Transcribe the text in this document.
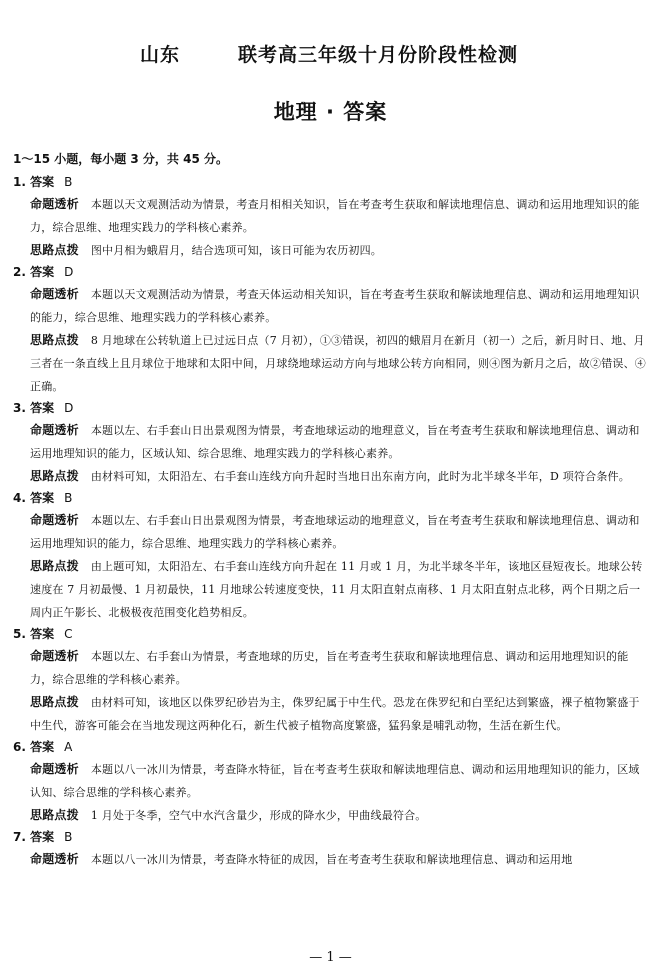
山东	联考高三年级十月份阶段性检测
地理 · 答案
1～15 小题，每小题 3 分，共 45 分。
1. 答案 B
命题透析 本题以天文观测活动为情景，考查月相相关知识，旨在考查考生获取和解读地理信息、调动和运用地理知识的能力，综合思维、地理实践力的学科核心素养。
思路点拨 图中月相为蛾眉月，结合选项可知，该日可能为农历初四。
2. 答案 D
命题透析 本题以天文观测活动为情景，考查天体运动相关知识，旨在考查考生获取和解读地理信息、调动和运用地理知识的能力，综合思维、地理实践力的学科核心素养。
思路点拨 8 月地球在公转轨道上已过远日点（7 月初），①③错误，初四的蛾眉月在新月（初一）之后，新月时日、地、月三者在一条直线上且月球位于地球和太阳中间，月球绕地球运动方向与地球公转方向相同，则④图为新月之后，故②错误、④正确。
3. 答案 D
命题透析 本题以左、右手套山日出景观图为情景，考查地球运动的地理意义，旨在考查考生获取和解读地理信息、调动和运用地理知识的能力，区域认知、综合思维、地理实践力的学科核心素养。
思路点拨 由材料可知，太阳沿左、右手套山连线方向升起时当地日出东南方向，此时为北半球冬半年，D 项符合条件。
4. 答案 B
命题透析 本题以左、右手套山日出景观图为情景，考查地球运动的地理意义，旨在考查考生获取和解读地理信息、调动和运用地理知识的能力，综合思维、地理实践力的学科核心素养。
思路点拨 由上题可知，太阳沿左、右手套山连线方向升起在 11 月或 1 月，为北半球冬半年，该地区昼短夜长。地球公转速度在 7 月初最慢、1 月初最快，11 月地球公转速度变快，11 月太阳直射点南移、1 月太阳直射点北移，两个日期之后一周内正午影长、北极极夜范围变化趋势相反。
5. 答案 C
命题透析 本题以左、右手套山为情景，考查地球的历史，旨在考查考生获取和解读地理信息、调动和运用地理知识的能力，综合思维的学科核心素养。
思路点拨 由材料可知，该地区以侏罗纪砂岩为主，侏罗纪属于中生代。恐龙在侏罗纪和白垩纪达到繁盛，裸子植物繁盛于中生代，游客可能会在当地发现这两种化石，新生代被子植物高度繁盛，猛犸象是哺乳动物，生活在新生代。
6. 答案 A
命题透析 本题以八一冰川为情景，考查降水特征，旨在考查考生获取和解读地理信息、调动和运用地理知识的能力，区域认知、综合思维的学科核心素养。
思路点拨 1 月处于冬季，空气中水汽含量少，形成的降水少，甲曲线最符合。
7. 答案 B
命题透析 本题以八一冰川为情景，考查降水特征的成因，旨在考查考生获取和解读地理信息、调动和运用地
— 1 —
